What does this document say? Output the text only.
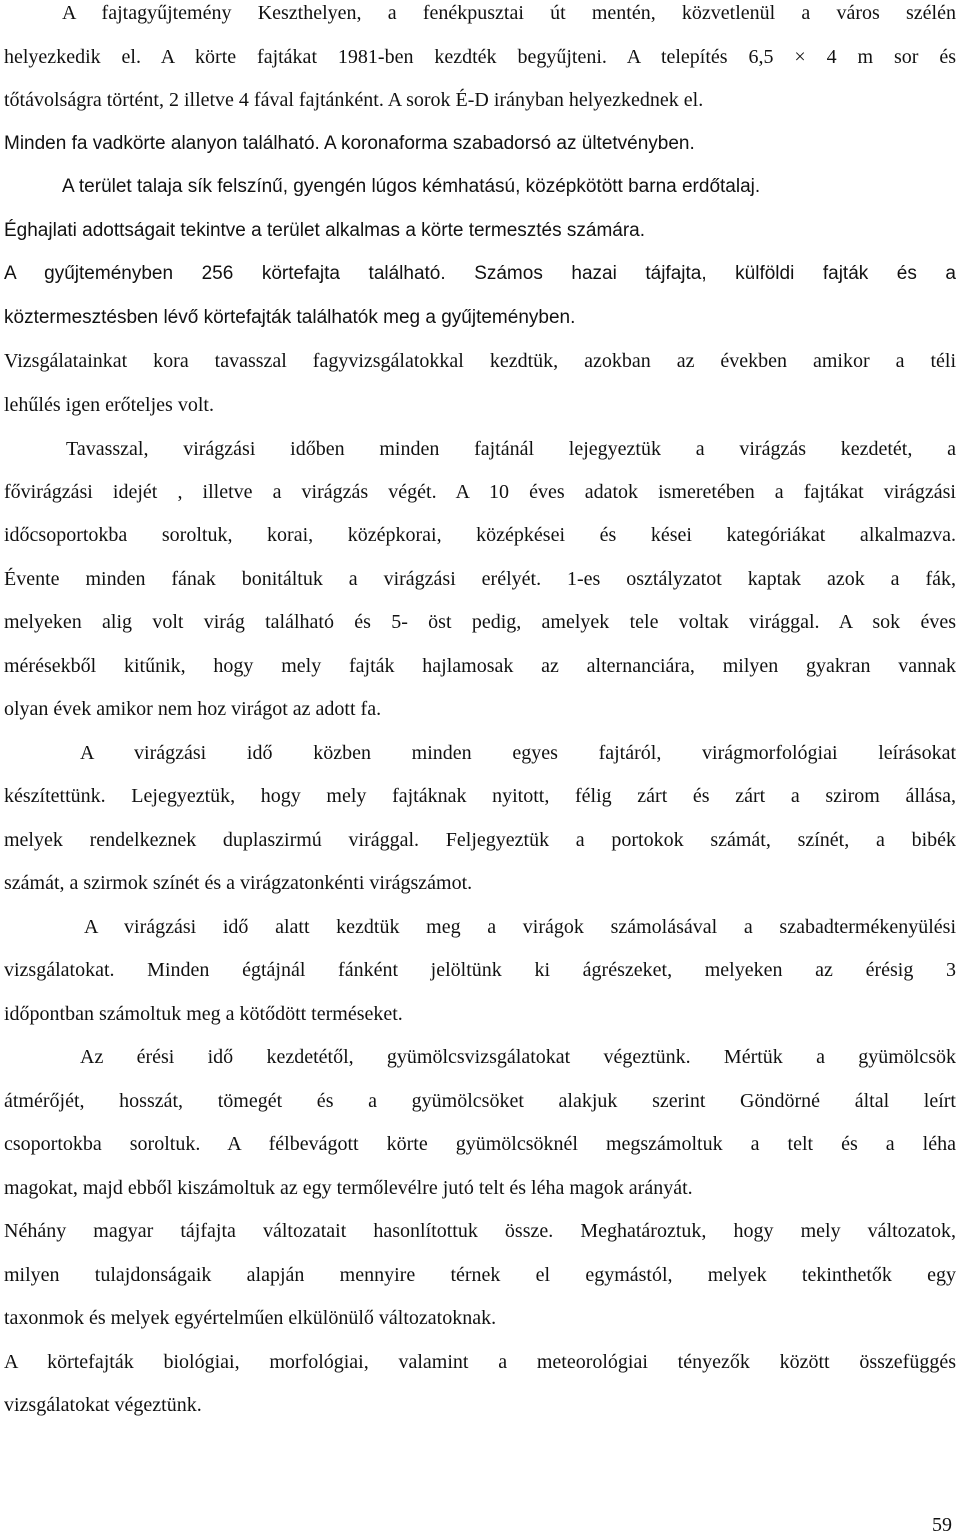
A fajtagyűjtemény Keszthelyen, a fenékpusztai út mentén, közvetlenül a város szélén
helyezkedik el. A körte fajtákat 1981-ben kezdték begyűjteni. A telepítés 6,5 × 4 m sor és
tőtávolságra történt, 2 illetve 4 fával fajtánként. A sorok É-D irányban helyezkednek el.
Minden fa vadkörte alanyon található. A koronaforma szabadorsó az ültetvényben.
A terület talaja sík felszínű, gyengén lúgos kémhatású, középkötött barna erdőtalaj.
Éghajlati adottságait tekintve a terület alkalmas a körte termesztés számára.
A gyűjteményben 256 körtefajta található. Számos hazai tájfajta, külföldi fajták és a
köztermesztésben lévő körtefajták találhatók meg a gyűjteményben.
Vizsgálatainkat kora tavasszal fagyvizsgálatokkal kezdtük, azokban az években amikor a téli
lehűlés igen erőteljes volt.
Tavasszal, virágzási időben minden fajtánál lejegyeztük a virágzás kezdetét, a
fővirágzási idejét , illetve a virágzás végét. A 10 éves adatok ismeretében a fajtákat virágzási
időcsoportokba soroltuk, korai, középkorai, középkései és kései kategóriákat alkalmazva.
Évente minden fának bonitáltuk a virágzási erélyét. 1-es osztályzatot kaptak azok a fák,
melyeken alig volt virág található és 5- öst pedig, amelyek tele voltak virággal. A sok éves
mérésekből kitűnik, hogy mely fajták hajlamosak az alternanciára, milyen gyakran vannak
olyan évek amikor nem hoz virágot az adott fa.
A virágzási idő közben minden egyes fajtáról, virágmorfológiai leírásokat
készítettünk. Lejegyeztük, hogy mely fajtáknak nyitott, félig zárt és zárt a szirom állása,
melyek rendelkeznek duplaszirmú virággal. Feljegyeztük a portokok számát, színét, a bibék
számát, a szirmok színét és a virágzatonkénti virágszámot.
A virágzási idő alatt kezdtük meg a virágok számolásával a szabadtermékenyülési
vizsgálatokat. Minden égtájnál fánként jelöltünk ki ágrészeket, melyeken az érésig 3
időpontban számoltuk meg a kötődött terméseket.
Az érési idő kezdetétől, gyümölcsvizsgálatokat végeztünk. Mértük a gyümölcsök
átmérőjét, hosszát, tömegét és a gyümölcsöket alakjuk szerint Göndörné által leírt
csoportokba soroltuk. A félbevágott körte gyümölcsöknél megszámoltuk a telt és a léha
magokat, majd ebből kiszámoltuk az egy termőlevélre jutó telt és léha magok arányát.
Néhány magyar tájfajta változatait hasonlítottuk össze. Meghatároztuk, hogy mely változatok,
milyen tulajdonságaik alapján mennyire térnek el egymástól, melyek tekinthetők egy
taxonmok és melyek egyértelműen elkülönülő változatoknak.
A körtefajták biológiai, morfológiai, valamint a meteorológiai tényezők között összefüggés
vizsgálatokat végeztünk.
59
